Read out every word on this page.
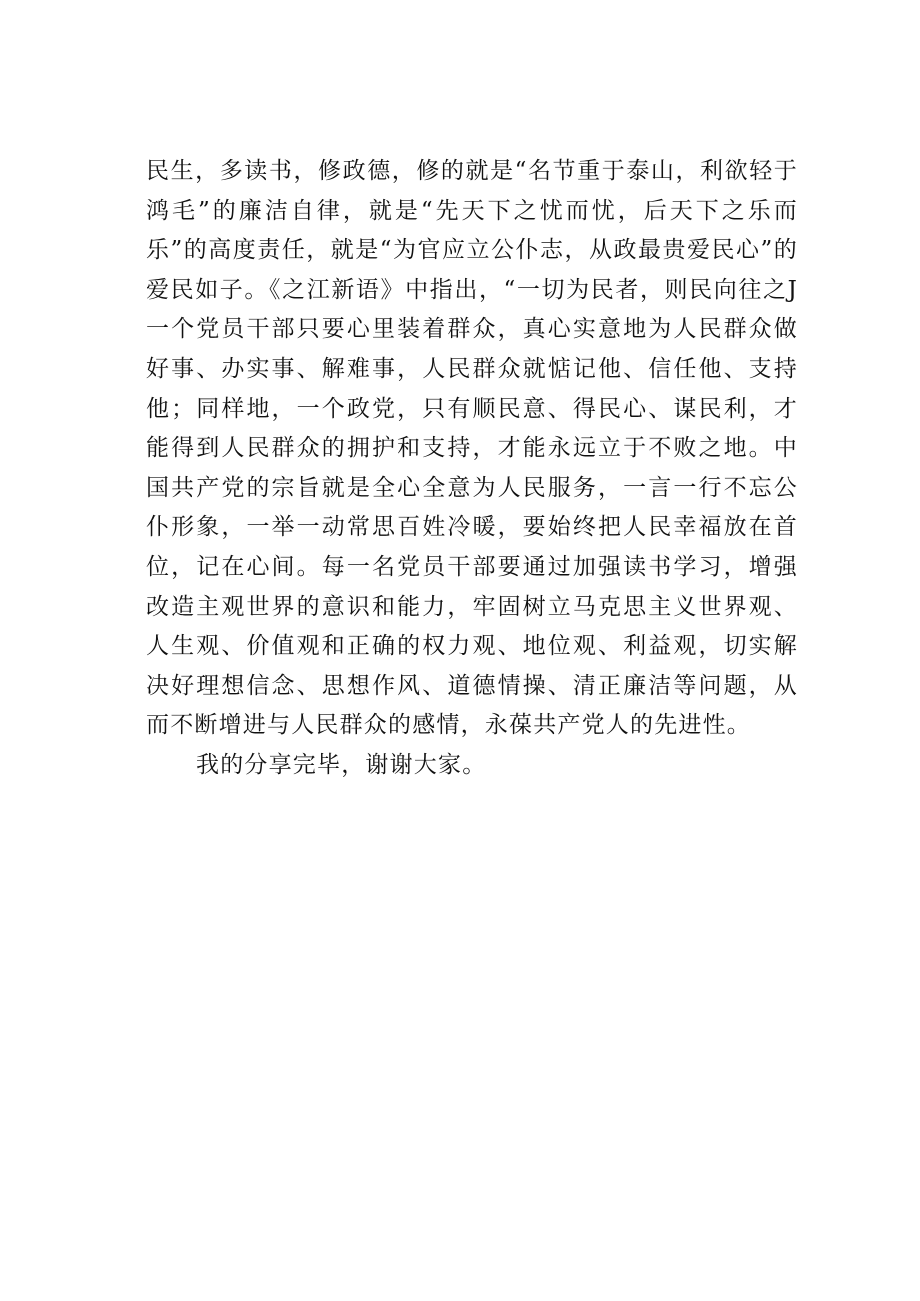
民生，多读书，修政德，修的就是“名节重于泰山，利欲轻于鸿毛”的廉洁自律，就是“先天下之忧而忧，后天下之乐而乐”的高度责任，就是“为官应立公仆志，从政最贵爱民心”的爱民如子。《之江新语》中指出，“一切为民者，则民向往之J一个党员干部只要心里装着群众，真心实意地为人民群众做好事、办实事、解难事，人民群众就惦记他、信任他、支持他；同样地，一个政党，只有顺民意、得民心、谋民利，才能得到人民群众的拥护和支持，才能永远立于不败之地。中国共产党的宗旨就是全心全意为人民服务，一言一行不忘公仆形象，一举一动常思百姓冷暖，要始终把人民幸福放在首位，记在心间。每一名党员干部要通过加强读书学习，增强改造主观世界的意识和能力，牢固树立马克思主义世界观、人生观、价值观和正确的权力观、地位观、利益观，切实解决好理想信念、思想作风、道德情操、清正廉洁等问题，从而不断增进与人民群众的感情，永葆共产党人的先进性。

我的分享完毕，谢谢大家。
